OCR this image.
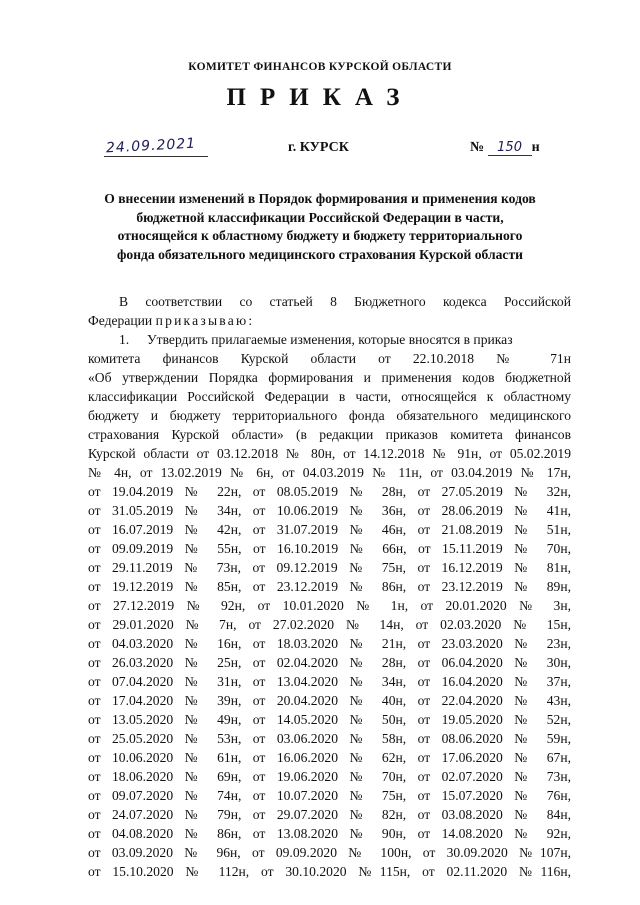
КОМИТЕТ ФИНАНСОВ КУРСКОЙ ОБЛАСТИ
ПРИКАЗ
24.09.2021	г. КУРСК	№ 150 н
О внесении изменений в Порядок формирования и применения кодов
бюджетной классификации Российской Федерации в части,
относящейся к областному бюджету и бюджету территориального
фонда обязательного медицинского страхования Курской области
В соответствии со статьей 8 Бюджетного кодекса Российской
Федерации приказываю:
1. Утвердить прилагаемые изменения, которые вносятся в приказ
комитета финансов Курской области от 22.10.2018 № 71н
«Об утверждении Порядка формирования и применения кодов бюджетной
классификации Российской Федерации в части, относящейся к областному
бюджету и бюджету территориального фонда обязательного медицинского
страхования Курской области» (в редакции приказов комитета финансов
Курской области от 03.12.2018 № 80н, от 14.12.2018 № 91н, от 05.02.2019
№ 4н, от 13.02.2019 № 6н, от 04.03.2019 № 11н, от 03.04.2019 № 17н,
от 19.04.2019 № 22н, от 08.05.2019 № 28н, от 27.05.2019 № 32н,
от 31.05.2019 № 34н, от 10.06.2019 № 36н, от 28.06.2019 № 41н,
от 16.07.2019 № 42н, от 31.07.2019 № 46н, от 21.08.2019 № 51н,
от 09.09.2019 № 55н, от 16.10.2019 № 66н, от 15.11.2019 № 70н,
от 29.11.2019 № 73н, от 09.12.2019 № 75н, от 16.12.2019 № 81н,
от 19.12.2019 № 85н, от 23.12.2019 № 86н, от 23.12.2019 № 89н,
от 27.12.2019 № 92н, от 10.01.2020 № 1н, от 20.01.2020 № 3н,
от 29.01.2020 № 7н, от 27.02.2020 № 14н, от 02.03.2020 № 15н,
от 04.03.2020 № 16н, от 18.03.2020 № 21н, от 23.03.2020 № 23н,
от 26.03.2020 № 25н, от 02.04.2020 № 28н, от 06.04.2020 № 30н,
от 07.04.2020 № 31н, от 13.04.2020 № 34н, от 16.04.2020 № 37н,
от 17.04.2020 № 39н, от 20.04.2020 № 40н, от 22.04.2020 № 43н,
от 13.05.2020 № 49н, от 14.05.2020 № 50н, от 19.05.2020 № 52н,
от 25.05.2020 № 53н, от 03.06.2020 № 58н, от 08.06.2020 № 59н,
от 10.06.2020 № 61н, от 16.06.2020 № 62н, от 17.06.2020 № 67н,
от 18.06.2020 № 69н, от 19.06.2020 № 70н, от 02.07.2020 № 73н,
от 09.07.2020 № 74н, от 10.07.2020 № 75н, от 15.07.2020 № 76н,
от 24.07.2020 № 79н, от 29.07.2020 № 82н, от 03.08.2020 № 84н,
от 04.08.2020 № 86н, от 13.08.2020 № 90н, от 14.08.2020 № 92н,
от 03.09.2020 № 96н, от 09.09.2020 № 100н, от 30.09.2020 №107н,
от 15.10.2020 № 112н, от 30.10.2020 №115н, от 02.11.2020 №116н,
